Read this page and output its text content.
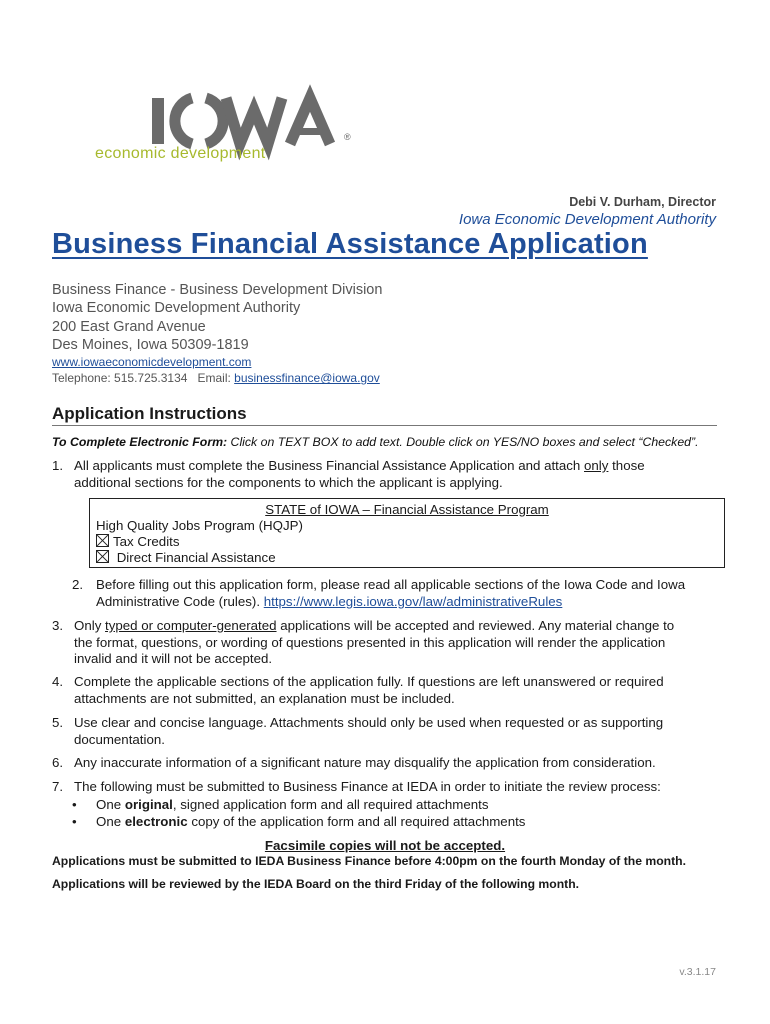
economic development
®
Debi V. Durham, Director
Iowa Economic Development Authority
Business Financial Assistance Application
Business Finance - Business Development Division
Iowa Economic Development Authority
200 East Grand Avenue
Des Moines, Iowa 50309-1819
www.iowaeconomicdevelopment.com
Telephone: 515.725.3134 Email: businessfinance@iowa.gov
Application Instructions
To Complete Electronic Form: Click on TEXT BOX to add text. Double click on YES/NO boxes and select “Checked”.
1. All applicants must complete the Business Financial Assistance Application and attach only those
additional sections for the components to which the applicant is applying.
STATE of IOWA – Financial Assistance Program
High Quality Jobs Program (HQJP)
Tax Credits
Direct Financial Assistance
2. Before filling out this application form, please read all applicable sections of the Iowa Code and Iowa
Administrative Code (rules). https://www.legis.iowa.gov/law/administrativeRules
3. Only typed or computer-generated applications will be accepted and reviewed. Any material change to
the format, questions, or wording of questions presented in this application will render the application
invalid and it will not be accepted.
4. Complete the applicable sections of the application fully. If questions are left unanswered or required
attachments are not submitted, an explanation must be included.
5. Use clear and concise language. Attachments should only be used when requested or as supporting
documentation.
6. Any inaccurate information of a significant nature may disqualify the application from consideration.
7. The following must be submitted to Business Finance at IEDA in order to initiate the review process:
• One original, signed application form and all required attachments
• One electronic copy of the application form and all required attachments
Facsimile copies will not be accepted.
Applications must be submitted to IEDA Business Finance before 4:00pm on the fourth Monday of the month.
Applications will be reviewed by the IEDA Board on the third Friday of the following month.
v.3.1.17
